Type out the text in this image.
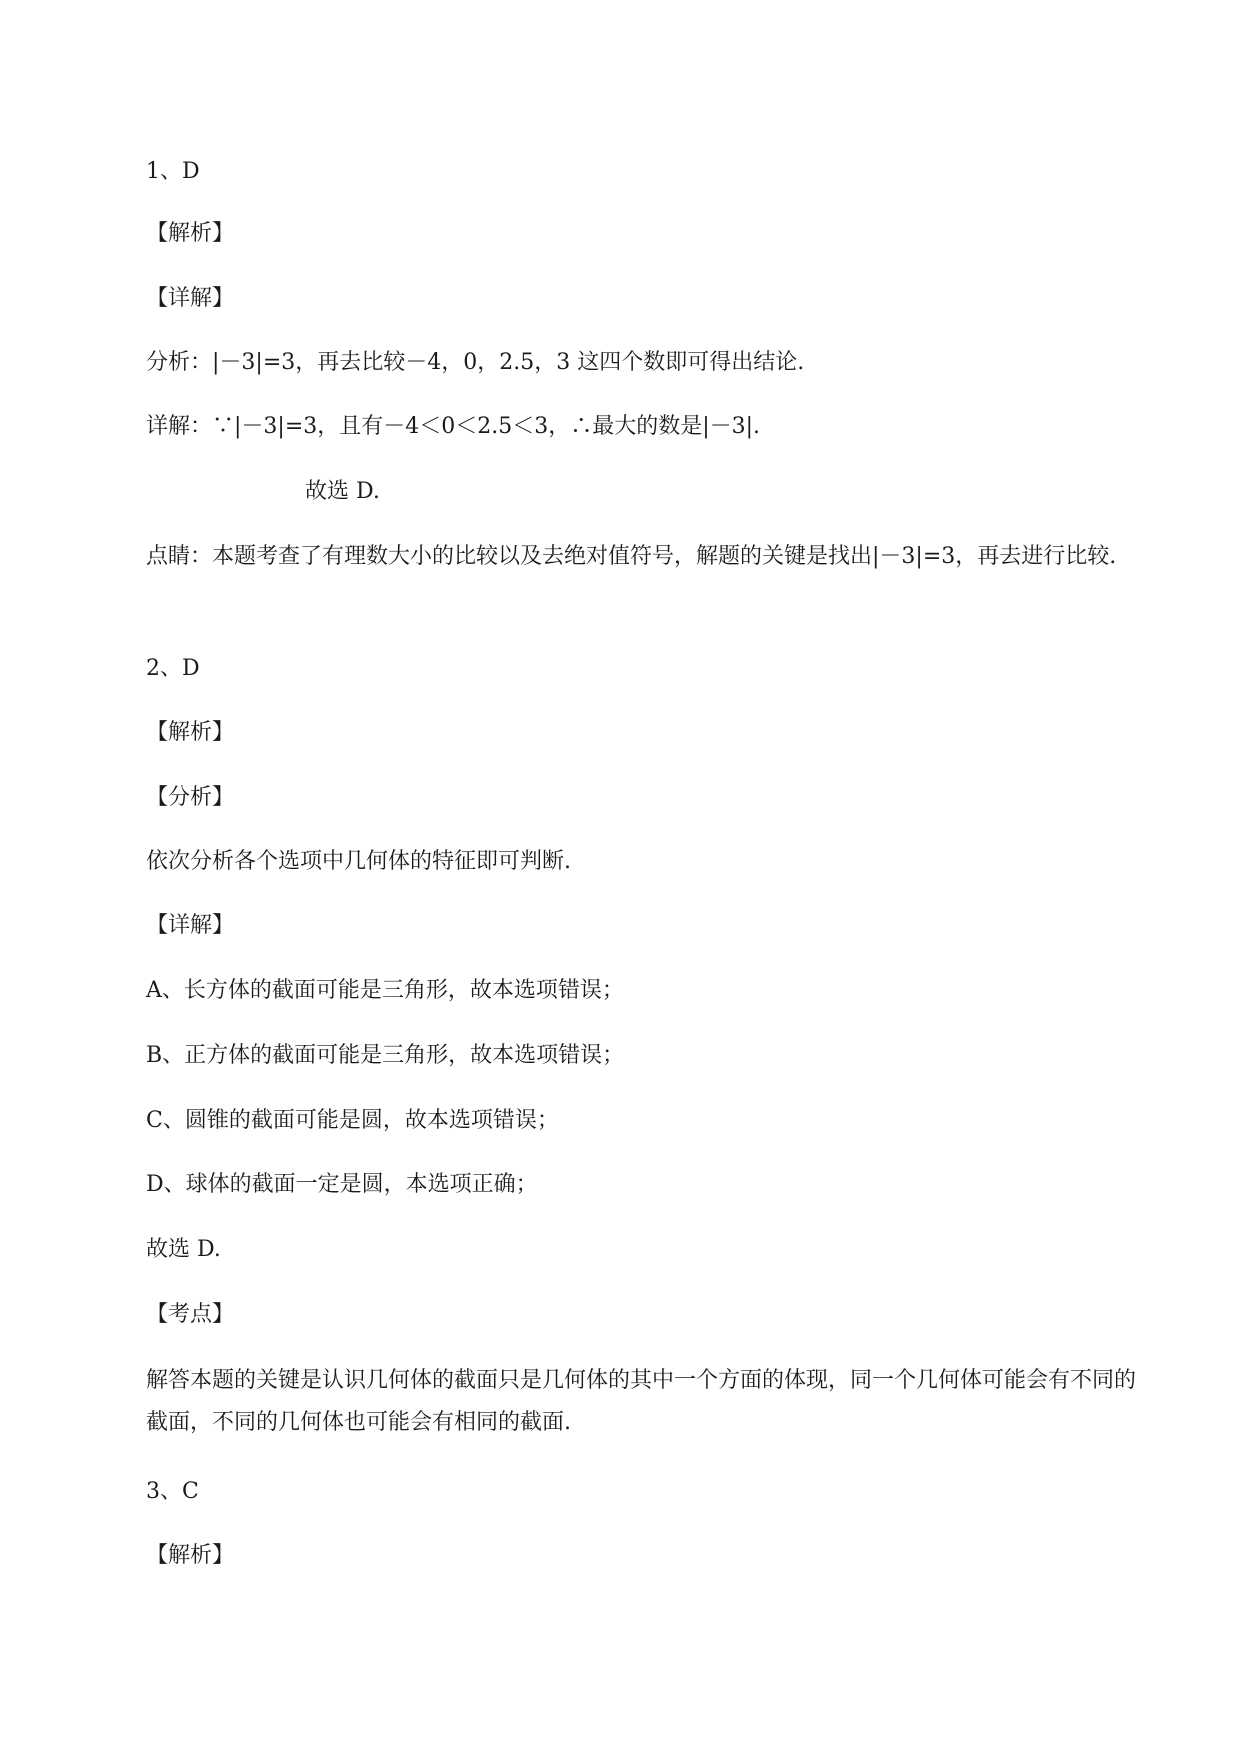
1、D
【解析】
【详解】
分析：|－3|=3，再去比较－4，0，2.5，3 这四个数即可得出结论.
详解：∵|－3|=3，且有－4＜0＜2.5＜3，∴最大的数是|－3|.
故选 D.
点睛：本题考查了有理数大小的比较以及去绝对值符号，解题的关键是找出|－3|=3，再去进行比较.
2、D
【解析】
【分析】
依次分析各个选项中几何体的特征即可判断.
【详解】
A、长方体的截面可能是三角形，故本选项错误；
B、正方体的截面可能是三角形，故本选项错误；
C、圆锥的截面可能是圆，故本选项错误；
D、球体的截面一定是圆，本选项正确；
故选 D.
【考点】
解答本题的关键是认识几何体的截面只是几何体的其中一个方面的体现，同一个几何体可能会有不同的截面，不同的几何体也可能会有相同的截面.
3、C
【解析】
